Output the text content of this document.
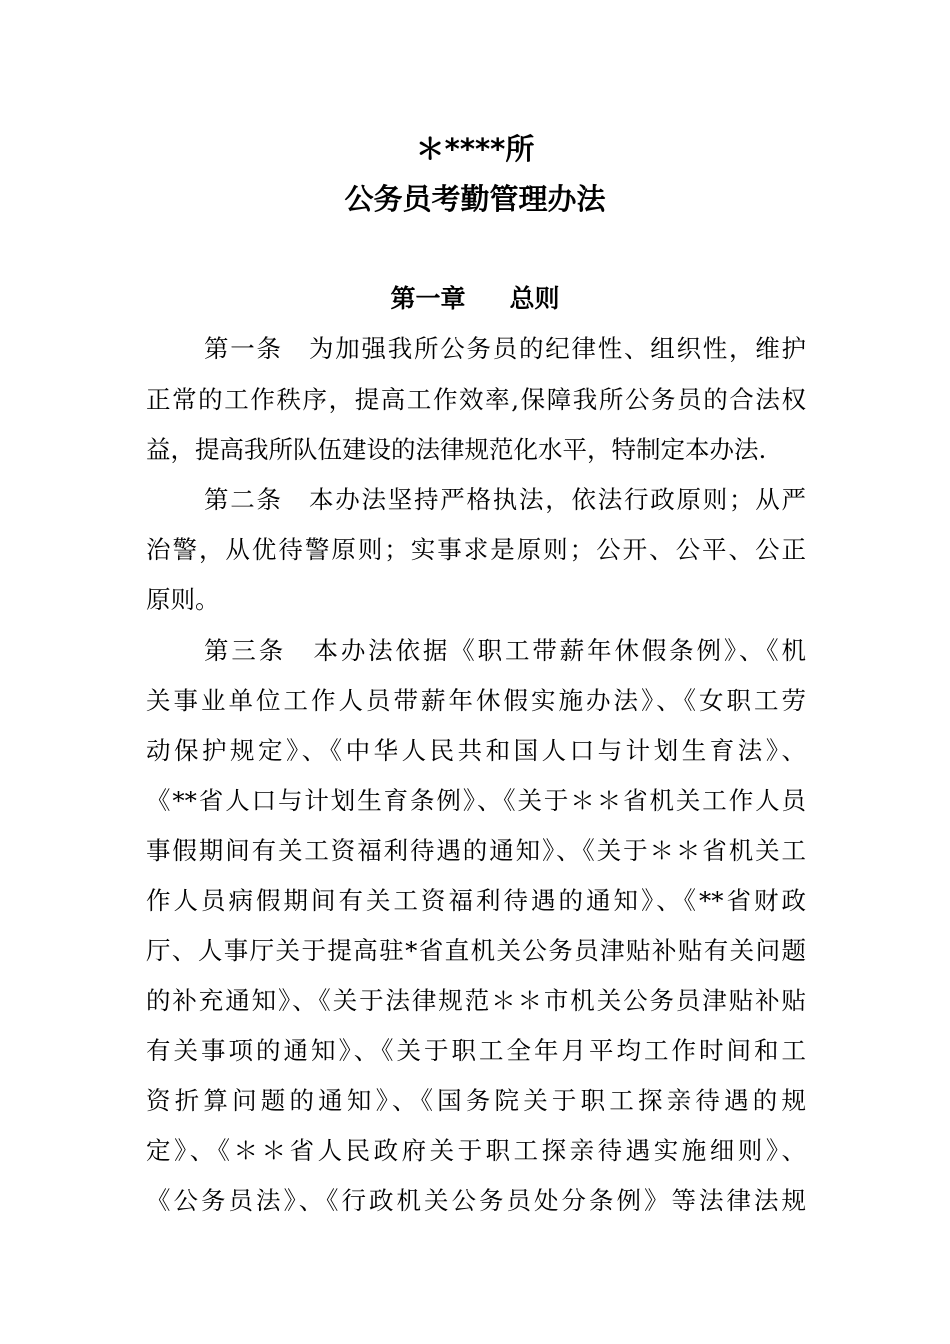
＊****所
公务员考勤管理办法
第一章 总则
第一条　为加强我所公务员的纪律性、组织性，维护
正常的工作秩序，提高工作效率,保障我所公务员的合法权
益，提高我所队伍建设的法律规范化水平，特制定本办法.
第二条　本办法坚持严格执法，依法行政原则；从严
治警，从优待警原则；实事求是原则；公开、公平、公正
原则。
第三条　本办法依据《职工带薪年休假条例》、《机
关事业单位工作人员带薪年休假实施办法》、《女职工劳
动保护规定》、《中华人民共和国人口与计划生育法》、
《**省人口与计划生育条例》、《关于＊＊省机关工作人员
事假期间有关工资福利待遇的通知》、《关于＊＊省机关工
作人员病假期间有关工资福利待遇的通知》、《**省财政
厅、人事厅关于提高驻*省直机关公务员津贴补贴有关问题
的补充通知》、《关于法律规范＊＊市机关公务员津贴补贴
有关事项的通知》、《关于职工全年月平均工作时间和工
资折算问题的通知》、《国务院关于职工探亲待遇的规
定》、《＊＊省人民政府关于职工探亲待遇实施细则》、
《公务员法》、《行政机关公务员处分条例》等法律法规
